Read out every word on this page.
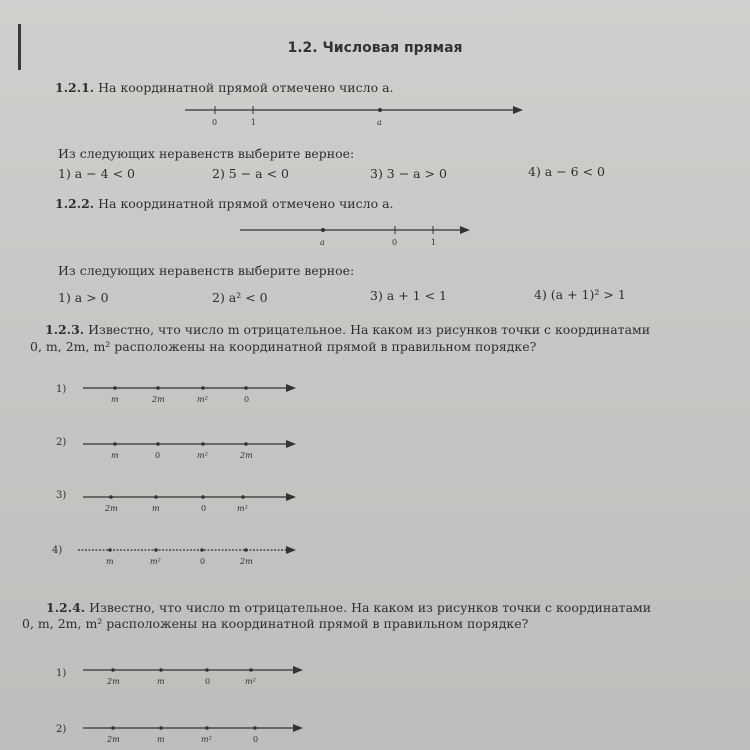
1.2. Числовая прямая
1.2.1. На координатной прямой отмечено число a.
0	1	a
Из следующих неравенств выберите верное:
1) a − 4 < 0	2) 5 − a < 0	3) 3 − a > 0	4) a − 6 < 0
1.2.2. На координатной прямой отмечено число a.
a	0	1
Из следующих неравенств выберите верное:
1) a > 0	2) a² < 0	3) a + 1 < 1	4) (a + 1)² > 1
1.2.3. Известно, что число m отрицательное. На каком из рисунков точки с координатами
0, m, 2m, m² расположены на координатной прямой в правильном порядке?
1)
m	2m	m²	0
2)
m	0	m²	2m
3)
2m	m	0	m²
4)
m	m²	0	2m
1.2.4. Известно, что число m отрицательное. На каком из рисунков точки с координатами
0, m, 2m, m² расположены на координатной прямой в правильном порядке?
1)
2m	m	0	m²
2)
2m	m	m²	0
